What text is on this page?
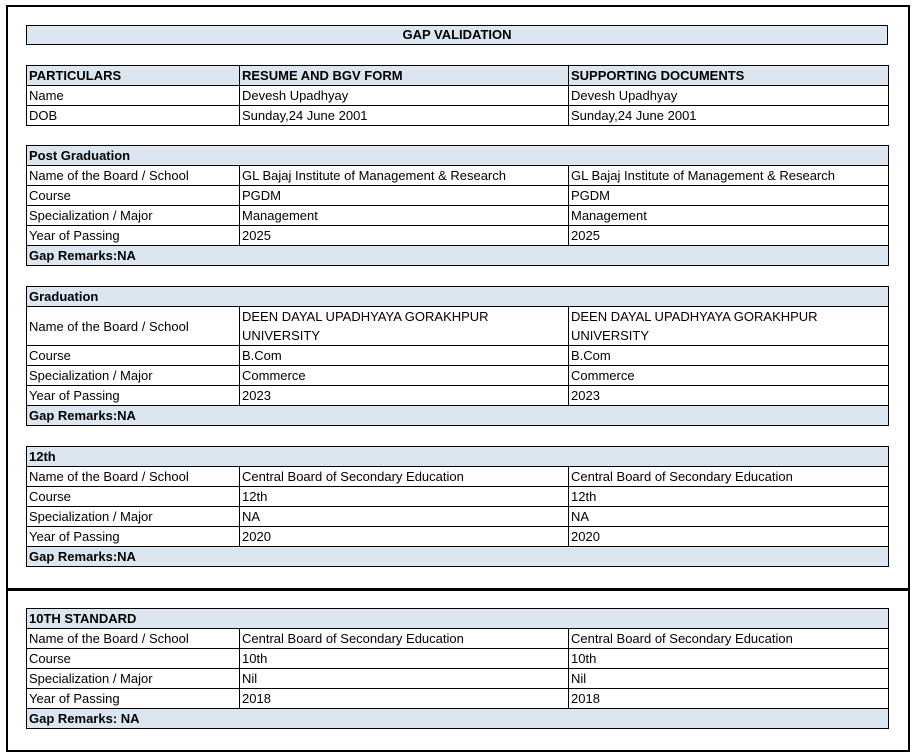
GAP VALIDATION
PARTICULARS	RESUME AND BGV FORM	SUPPORTING DOCUMENTS
Name	Devesh Upadhyay	Devesh Upadhyay
DOB	Sunday,24 June 2001	Sunday,24 June 2001
Post Graduation		
Name of the Board / School	GL Bajaj Institute of Management & Research	GL Bajaj Institute of Management & Research
Course	PGDM	PGDM
Specialization / Major	Management	Management
Year of Passing	2025	2025
Gap Remarks:NA		
Graduation		
Name of the Board / School	DEEN DAYAL UPADHYAYA GORAKHPUR UNIVERSITY	DEEN DAYAL UPADHYAYA GORAKHPUR UNIVERSITY
Course	B.Com	B.Com
Specialization / Major	Commerce	Commerce
Year of Passing	2023	2023
Gap Remarks:NA		
12th		
Name of the Board / School	Central Board of Secondary Education	Central Board of Secondary Education
Course	12th	12th
Specialization / Major	NA	NA
Year of Passing	2020	2020
Gap Remarks:NA		
10TH STANDARD		
Name of the Board / School	Central Board of Secondary Education	Central Board of Secondary Education
Course	10th	10th
Specialization / Major	Nil	Nil
Year of Passing	2018	2018
Gap Remarks: NA		
